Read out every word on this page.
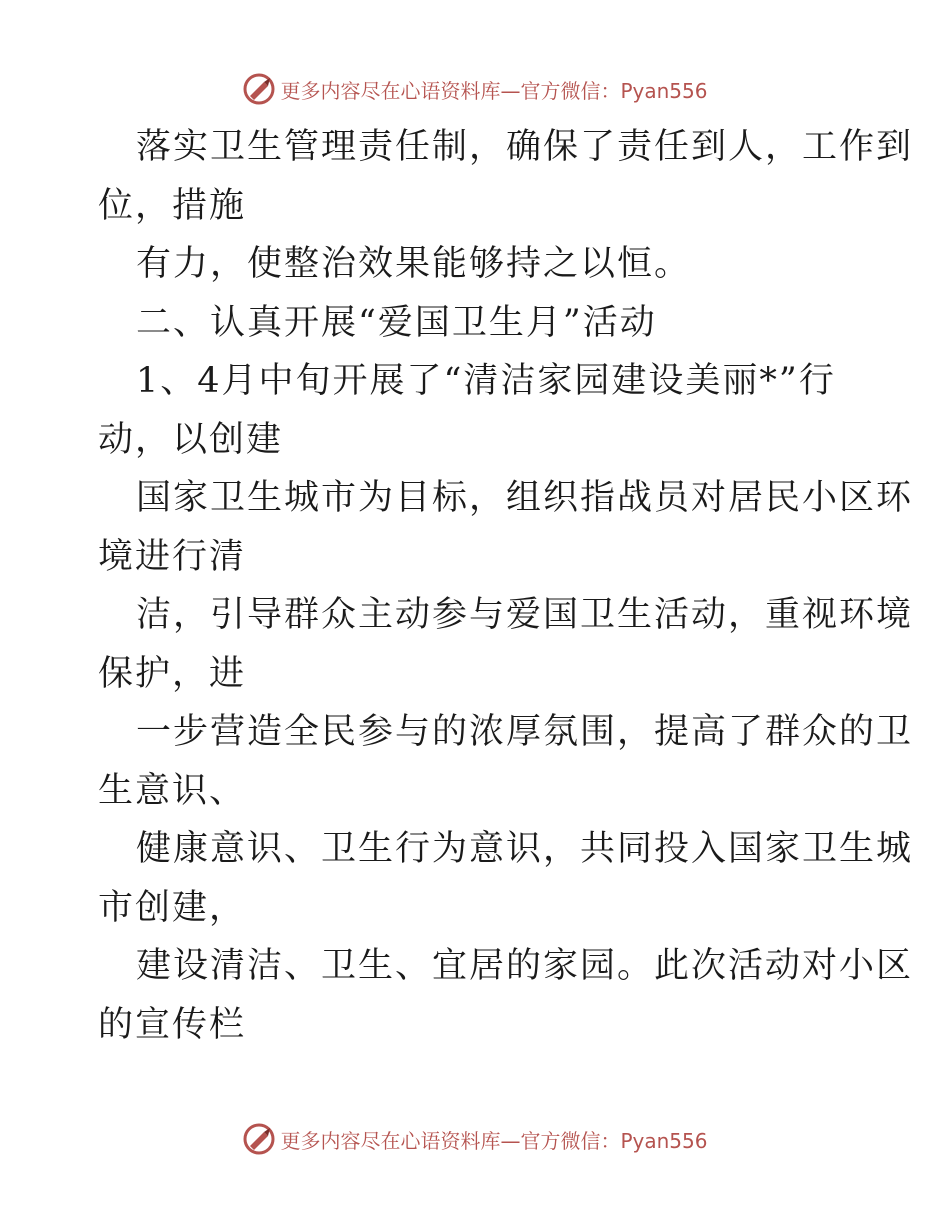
更多内容尽在心语资料库—官方微信：Pyan556
落实卫生管理责任制，确保了责任到人，工作到
位，措施
有力，使整治效果能够持之以恒。
二、认真开展“爱国卫生月”活动
1、4月中旬开展了“清洁家园建设美丽*”行
动，以创建
国家卫生城市为目标，组织指战员对居民小区环
境进行清
洁，引导群众主动参与爱国卫生活动，重视环境
保护，进
一步营造全民参与的浓厚氛围，提高了群众的卫
生意识、
健康意识、卫生行为意识，共同投入国家卫生城
市创建，
建设清洁、卫生、宜居的家园。此次活动对小区
的宣传栏
更多内容尽在心语资料库—官方微信：Pyan556
